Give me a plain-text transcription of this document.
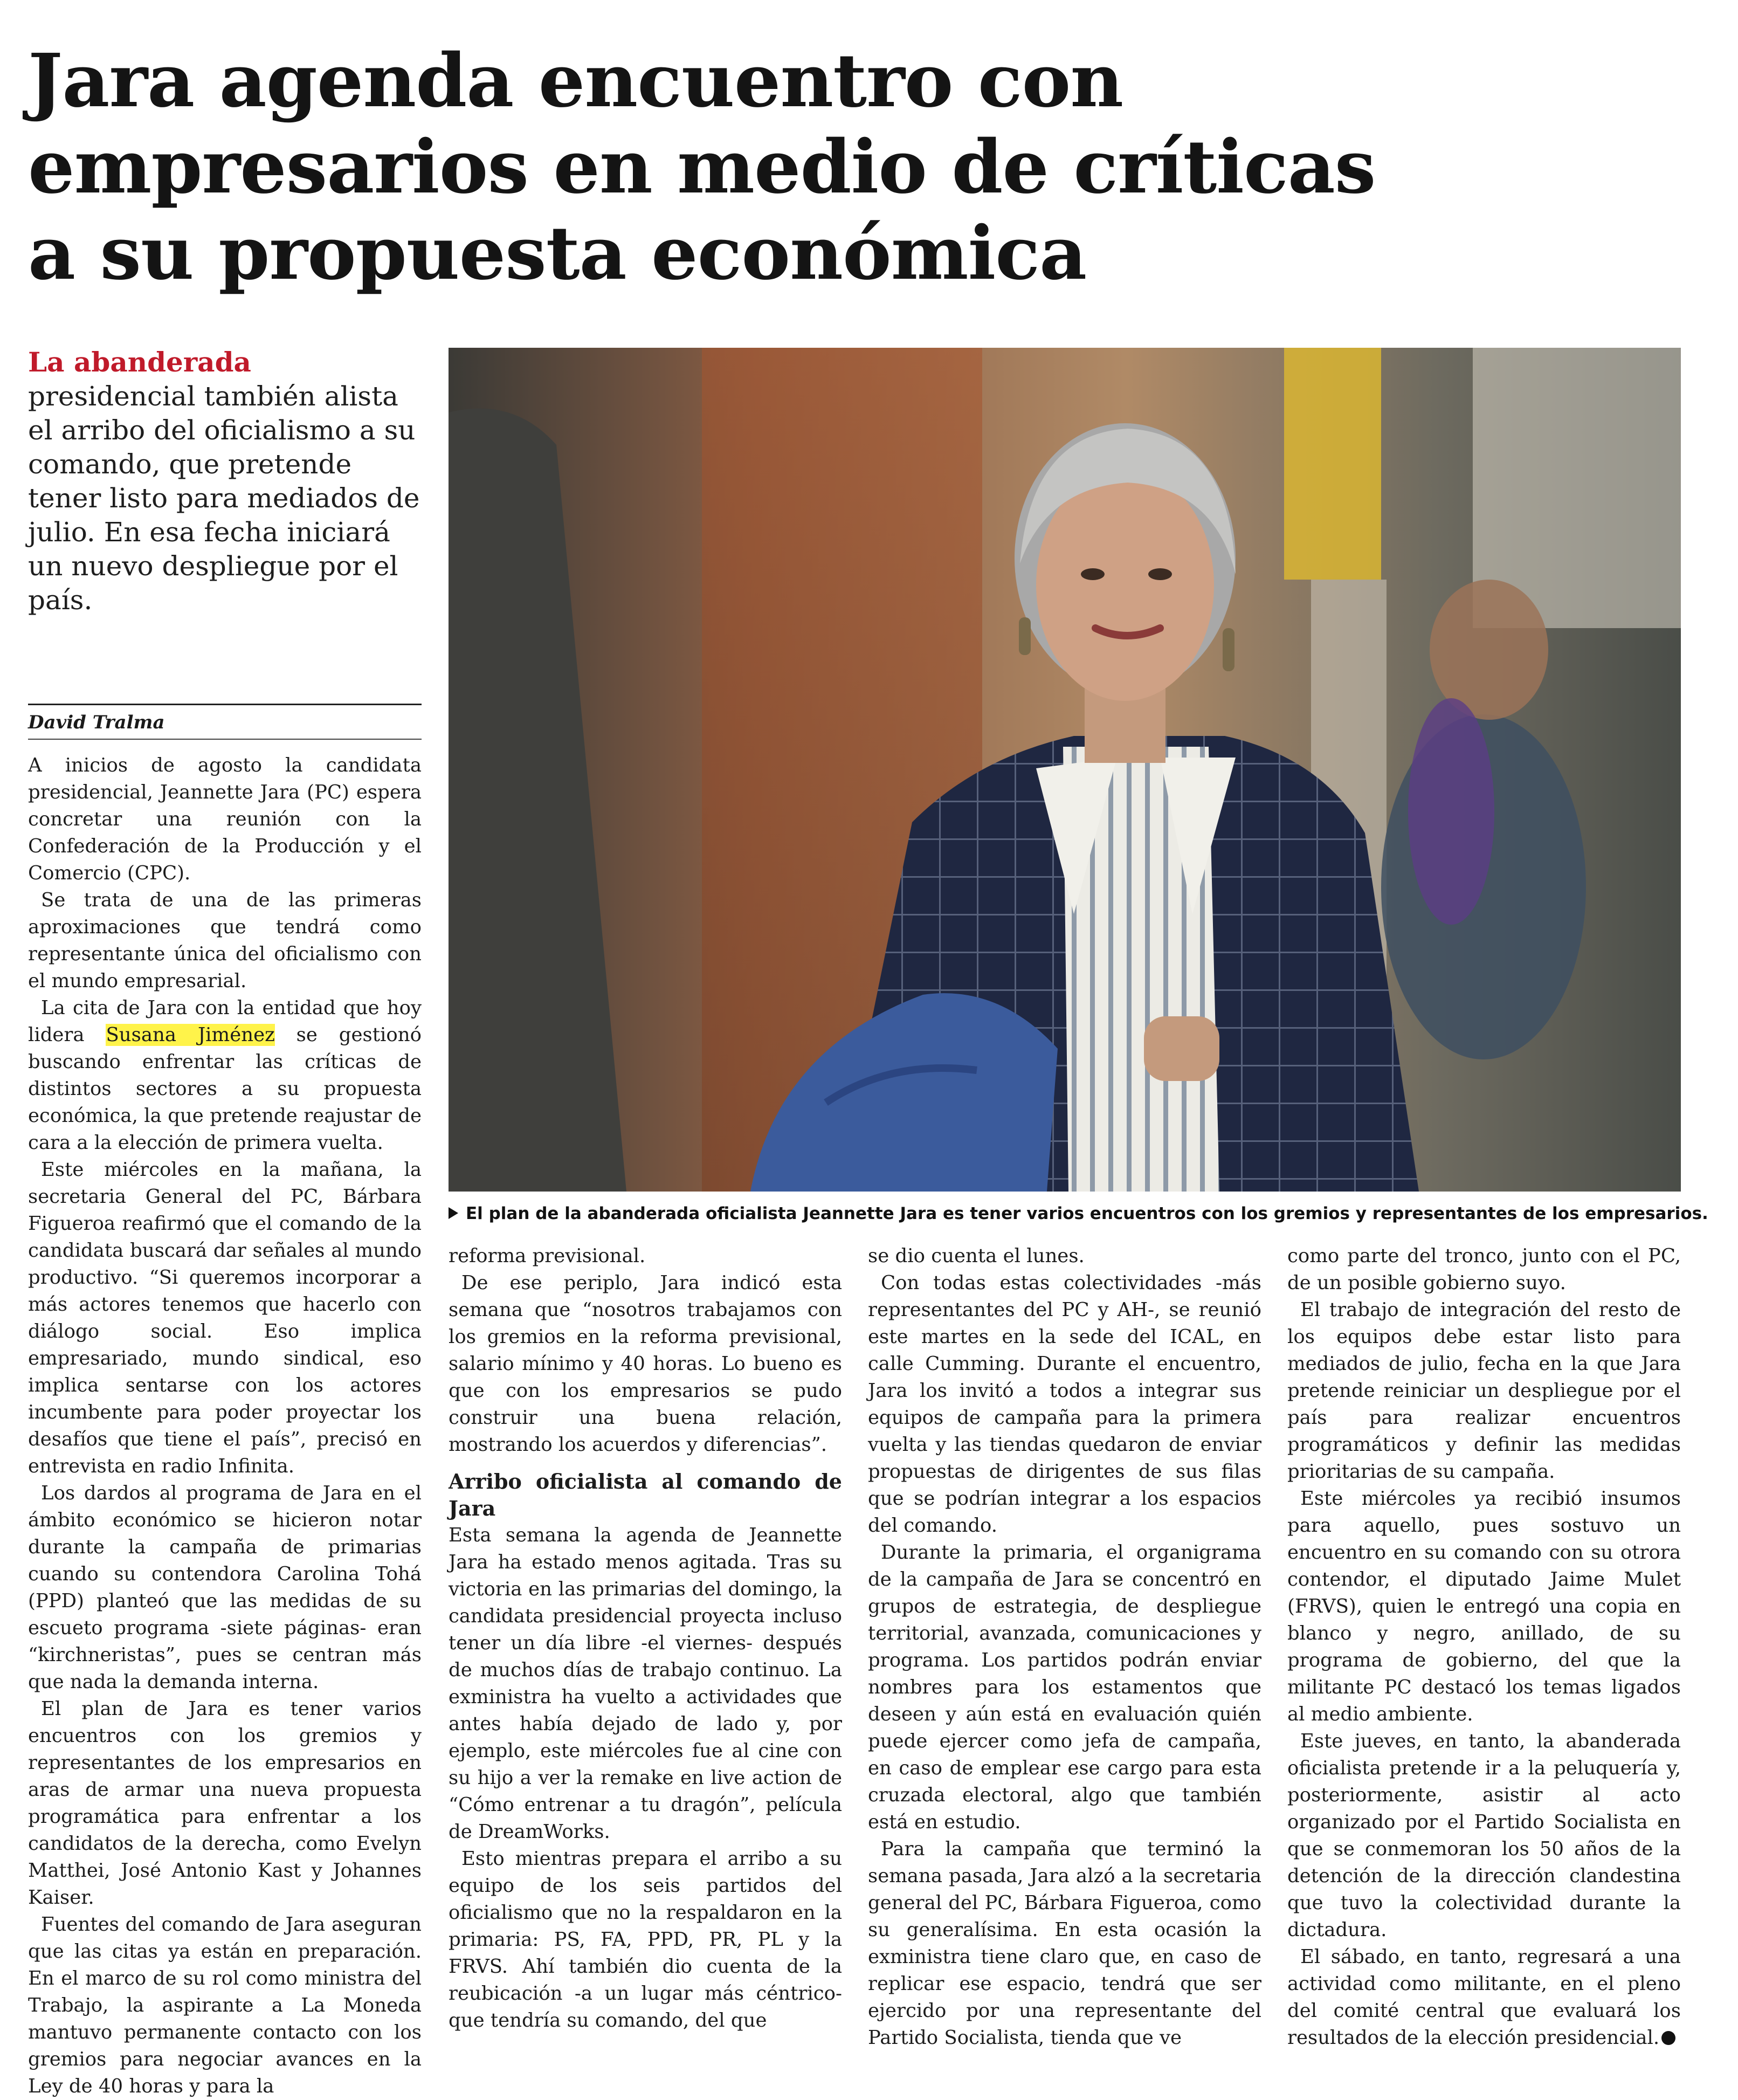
Jara agenda encuentro con
empresarios en medio de críticas
a su propuesta económica
La abanderada presidencial también alista el arribo del oficialismo a su comando, que pretende tener listo para mediados de julio. En esa fecha iniciará un nuevo despliegue por el país.
David Tralma

A inicios de agosto la candidata presidencial, Jeannette Jara (PC) espera concretar una reunión con la Confederación de la Producción y el Comercio (CPC).

Se trata de una de las primeras aproximaciones que tendrá como representante única del oficialismo con el mundo empresarial.

La cita de Jara con la entidad que hoy lidera Susana Jiménez se gestionó buscando enfrentar las críticas de distintos sectores a su propuesta económica, la que pretende reajustar de cara a la elección de primera vuelta.

Este miércoles en la mañana, la secretaria General del PC, Bárbara Figueroa reafirmó que el comando de la candidata buscará dar señales al mundo productivo. “Si queremos incorporar a más actores tenemos que hacerlo con diálogo social. Eso implica empresariado, mundo sindical, eso implica sentarse con los actores incumbente para poder proyectar los desafíos que tiene el país”, precisó en entrevista en radio Infinita.

Los dardos al programa de Jara en el ámbito económico se hicieron notar durante la campaña de primarias cuando su contendora Carolina Tohá (PPD) planteó que las medidas de su escueto programa -siete páginas- eran “kirchneristas”, pues se centran más que nada la demanda interna.

El plan de Jara es tener varios encuentros con los gremios y representantes de los empresarios en aras de armar una nueva propuesta programática para enfrentar a los candidatos de la derecha, como Evelyn Matthei, José Antonio Kast y Johannes Kaiser.

Fuentes del comando de Jara aseguran que las citas ya están en preparación. En el marco de su rol como ministra del Trabajo, la aspirante a La Moneda mantuvo permanente contacto con los gremios para negociar avances en la Ley de 40 horas y para la

El plan de la abanderada oficialista Jeannette Jara es tener varios encuentros con los gremios y representantes de los empresarios.

reforma previsional.

De ese periplo, Jara indicó esta semana que “nosotros trabajamos con los gremios en la reforma previsional, salario mínimo y 40 horas. Lo bueno es que con los empresarios se pudo construir una buena relación, mostrando los acuerdos y diferencias”.

Arribo oficialista al comando de Jara

Esta semana la agenda de Jeannette Jara ha estado menos agitada. Tras su victoria en las primarias del domingo, la candidata presidencial proyecta incluso tener un día libre -el viernes- después de muchos días de trabajo continuo. La exministra ha vuelto a actividades que antes había dejado de lado y, por ejemplo, este miércoles fue al cine con su hijo a ver la remake en live action de “Cómo entrenar a tu dragón”, película de DreamWorks.

Esto mientras prepara el arribo a su equipo de los seis partidos del oficialismo que no la respaldaron en la primaria: PS, FA, PPD, PR, PL y la FRVS. Ahí también dio cuenta de la reubicación -a un lugar más céntrico- que tendría su comando, del que

se dio cuenta el lunes.

Con todas estas colectividades -más representantes del PC y AH-, se reunió este martes en la sede del ICAL, en calle Cumming. Durante el encuentro, Jara los invitó a todos a integrar sus equipos de campaña para la primera vuelta y las tiendas quedaron de enviar propuestas de dirigentes de sus filas que se podrían integrar a los espacios del comando.

Durante la primaria, el organigrama de la campaña de Jara se concentró en grupos de estrategia, de despliegue territorial, avanzada, comunicaciones y programa. Los partidos podrán enviar nombres para los estamentos que deseen y aún está en evaluación quién puede ejercer como jefa de campaña, en caso de emplear ese cargo para esta cruzada electoral, algo que también está en estudio.

Para la campaña que terminó la semana pasada, Jara alzó a la secretaria general del PC, Bárbara Figueroa, como su generalísima. En esta ocasión la exministra tiene claro que, en caso de replicar ese espacio, tendrá que ser ejercido por una representante del Partido Socialista, tienda que ve

como parte del tronco, junto con el PC, de un posible gobierno suyo.

El trabajo de integración del resto de los equipos debe estar listo para mediados de julio, fecha en la que Jara pretende reiniciar un despliegue por el país para realizar encuentros programáticos y definir las medidas prioritarias de su campaña.

Este miércoles ya recibió insumos para aquello, pues sostuvo un encuentro en su comando con su otrora contendor, el diputado Jaime Mulet (FRVS), quien le entregó una copia en blanco y negro, anillado, de su programa de gobierno, del que la militante PC destacó los temas ligados al medio ambiente.

Este jueves, en tanto, la abanderada oficialista pretende ir a la peluquería y, posteriormente, asistir al acto organizado por el Partido Socialista en que se conmemoran los 50 años de la detención de la dirección clandestina que tuvo la colectividad durante la dictadura.

El sábado, en tanto, regresará a una actividad como militante, en el pleno del comité central que evaluará los resultados de la elección presidencial.
